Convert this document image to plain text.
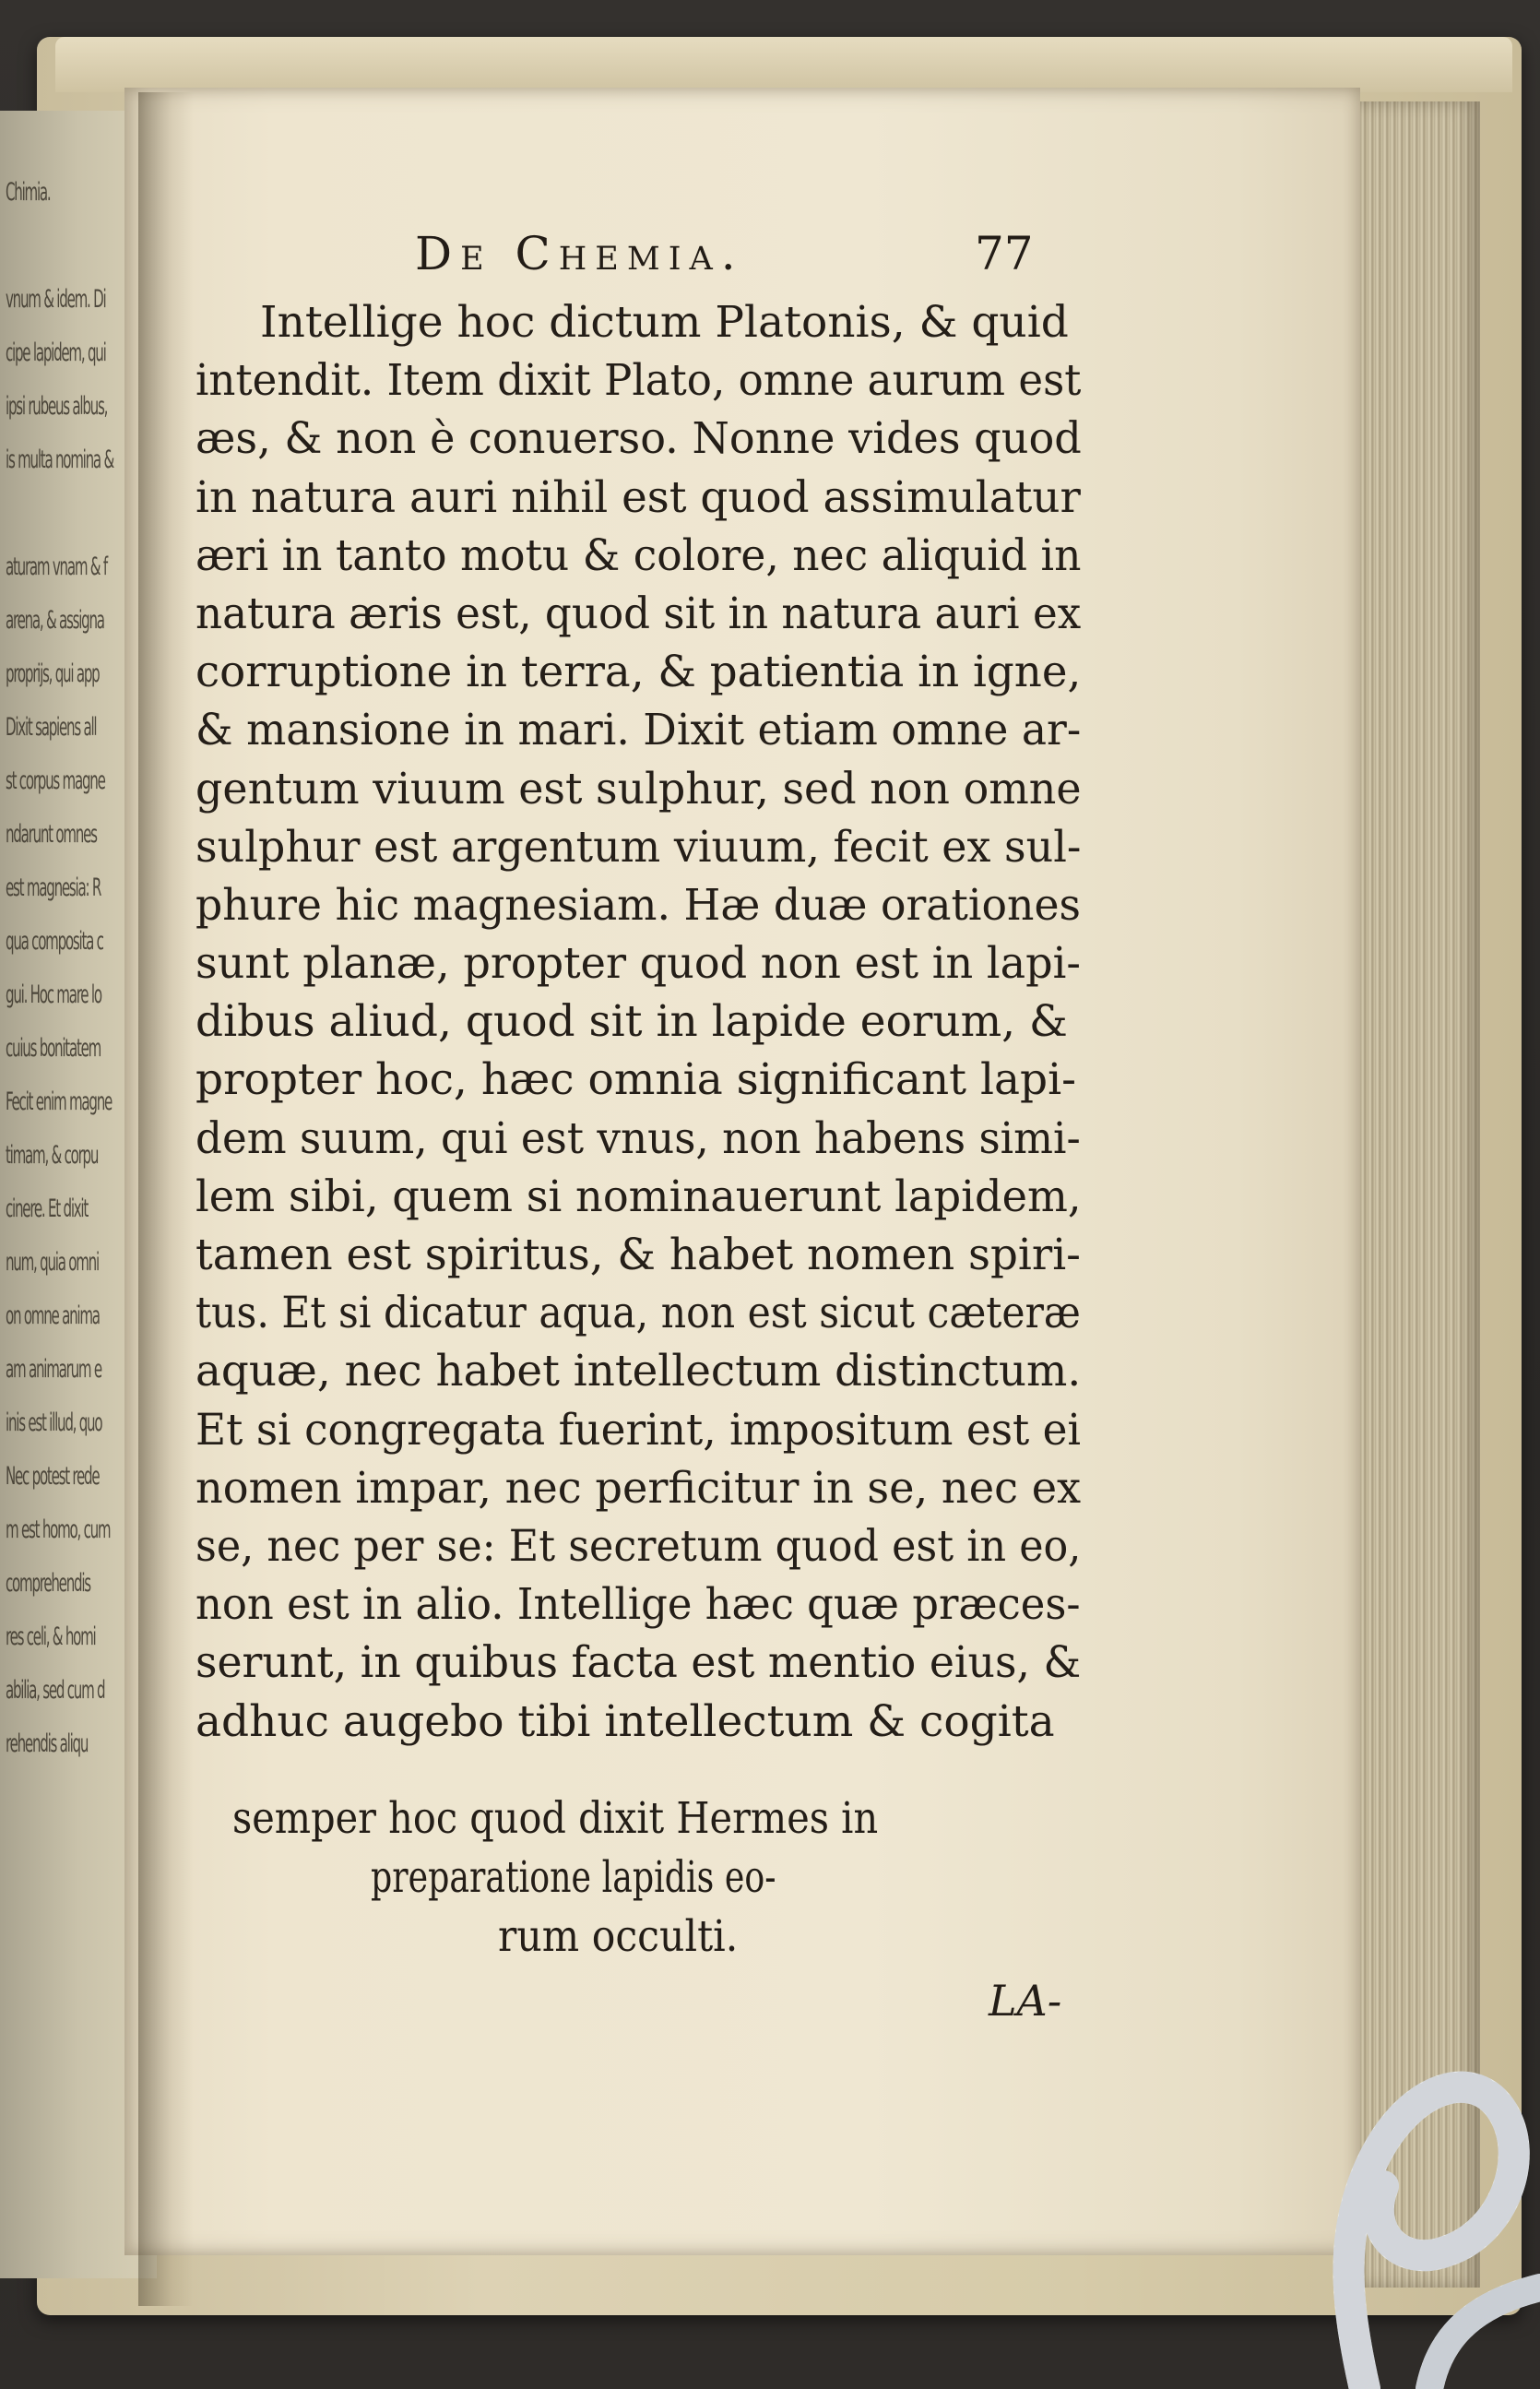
Chimia.
vnum & idem. Di
cipe lapidem, qui
ipsi rubeus albus,
is multa nomina &
aturam vnam & f
arena, & assigna
proprijs, qui app
Dixit sapiens all
st corpus magne
ndarunt omnes
est magnesia: R
qua composita c
gui. Hoc mare lo
cuius bonitatem
Fecit enim magne
timam, & corpu
cinere. Et dixit
num, quia omni
on omne anima
am animarum e
inis est illud, quo
Nec potest rede
m est homo, cum
comprehendis
res celi, & homi
abilia, sed cum d
rehendis aliqu
De Chemia.	77
Intellige hoc dictum Platonis, & quid
intendit. Item dixit Plato, omne aurum est
æs, & non è conuerso. Nonne vides quod
in natura auri nihil est quod assimulatur
æri in tanto motu & colore, nec aliquid in
natura æris est, quod sit in natura auri ex
corruptione in terra, & patientia in igne,
& mansione in mari. Dixit etiam omne ar-
gentum viuum est sulphur, sed non omne
sulphur est argentum viuum, fecit ex sul-
phure hic magnesiam. Hæ duæ orationes
sunt planæ, propter quod non est in lapi-
dibus aliud, quod sit in lapide eorum, &
propter hoc, hæc omnia significant lapi-
dem suum, qui est vnus, non habens simi-
lem sibi, quem si nominauerunt lapidem,
tamen est spiritus, & habet nomen spiri-
tus. Et si dicatur aqua, non est sicut cæteræ
aquæ, nec habet intellectum distinctum.
Et si congregata fuerint, impositum est ei
nomen impar, nec perficitur in se, nec ex
se, nec per se: Et secretum quod est in eo,
non est in alio. Intellige hæc quæ præces-
serunt, in quibus facta est mentio eius, &
adhuc augebo tibi intellectum & cogita
semper hoc quod dixit Hermes in
preparatione lapidis eo-
rum occulti.
LA-
